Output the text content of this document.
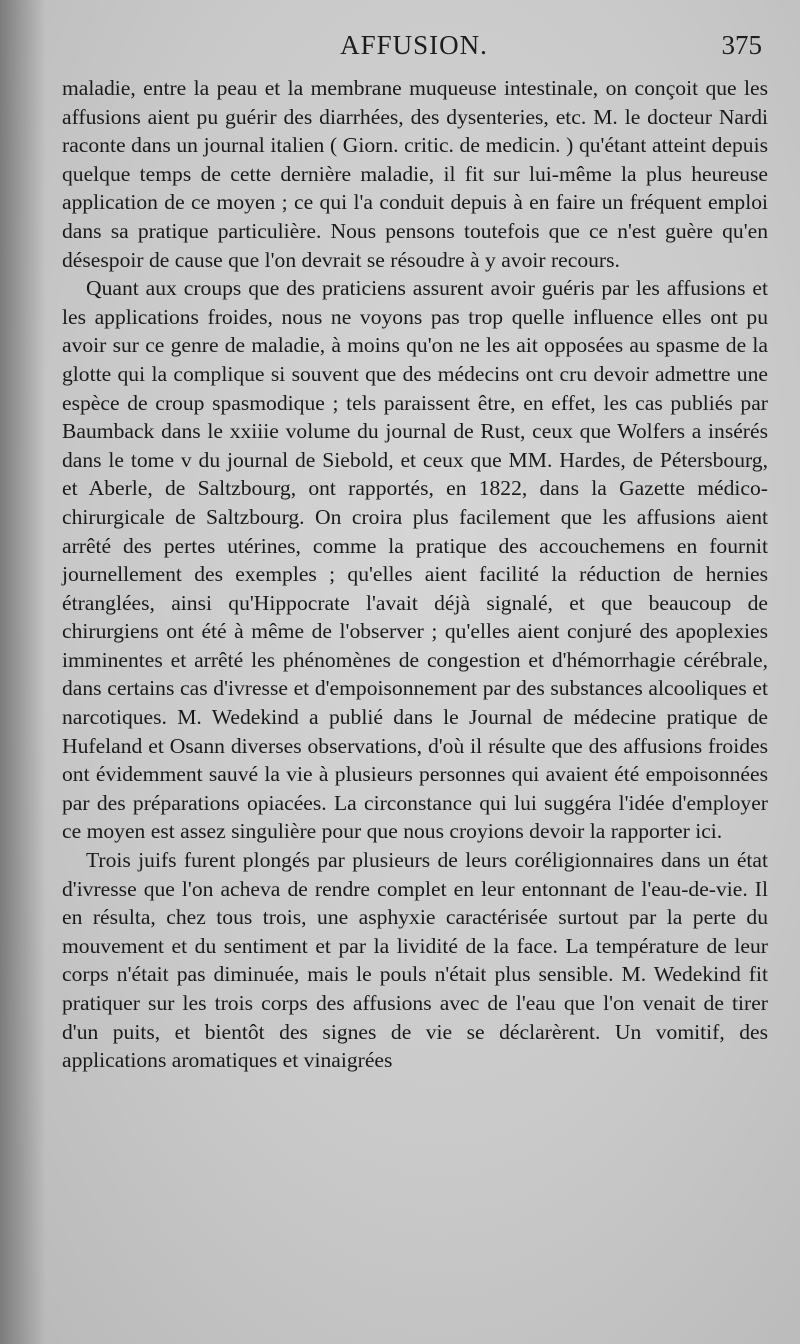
AFFUSION.	375

maladie, entre la peau et la membrane muqueuse intestinale, on conçoit que les affusions aient pu guérir des diarrhées, des dysenteries, etc. M. le docteur Nardi raconte dans un journal italien ( Giorn. critic. de medicin. ) qu'étant atteint depuis quelque temps de cette dernière maladie, il fit sur lui-même la plus heureuse application de ce moyen ; ce qui l'a conduit depuis à en faire un fréquent emploi dans sa pratique particulière. Nous pensons toutefois que ce n'est guère qu'en désespoir de cause que l'on devrait se résoudre à y avoir recours.

Quant aux croups que des praticiens assurent avoir guéris par les affusions et les applications froides, nous ne voyons pas trop quelle influence elles ont pu avoir sur ce genre de maladie, à moins qu'on ne les ait opposées au spasme de la glotte qui la complique si souvent que des médecins ont cru devoir admettre une espèce de croup spasmodique ; tels paraissent être, en effet, les cas publiés par Baumback dans le xxiiie volume du journal de Rust, ceux que Wolfers a insérés dans le tome v du journal de Siebold, et ceux que MM. Hardes, de Pétersbourg, et Aberle, de Saltzbourg, ont rapportés, en 1822, dans la Gazette médico-chirurgicale de Saltzbourg. On croira plus facilement que les affusions aient arrêté des pertes utérines, comme la pratique des accouchemens en fournit journellement des exemples ; qu'elles aient facilité la réduction de hernies étranglées, ainsi qu'Hippocrate l'avait déjà signalé, et que beaucoup de chirurgiens ont été à même de l'observer ; qu'elles aient conjuré des apoplexies imminentes et arrêté les phénomènes de congestion et d'hémorrhagie cérébrale, dans certains cas d'ivresse et d'empoisonnement par des substances alcooliques et narcotiques. M. Wedekind a publié dans le Journal de médecine pratique de Hufeland et Osann diverses observations, d'où il résulte que des affusions froides ont évidemment sauvé la vie à plusieurs personnes qui avaient été empoisonnées par des préparations opiacées. La circonstance qui lui suggéra l'idée d'employer ce moyen est assez singulière pour que nous croyions devoir la rapporter ici.

Trois juifs furent plongés par plusieurs de leurs coréligionnaires dans un état d'ivresse que l'on acheva de rendre complet en leur entonnant de l'eau-de-vie. Il en résulta, chez tous trois, une asphyxie caractérisée surtout par la perte du mouvement et du sentiment et par la lividité de la face. La température de leur corps n'était pas diminuée, mais le pouls n'était plus sensible. M. Wedekind fit pratiquer sur les trois corps des affusions avec de l'eau que l'on venait de tirer d'un puits, et bientôt des signes de vie se déclarèrent. Un vomitif, des applications aromatiques et vinaigrées
